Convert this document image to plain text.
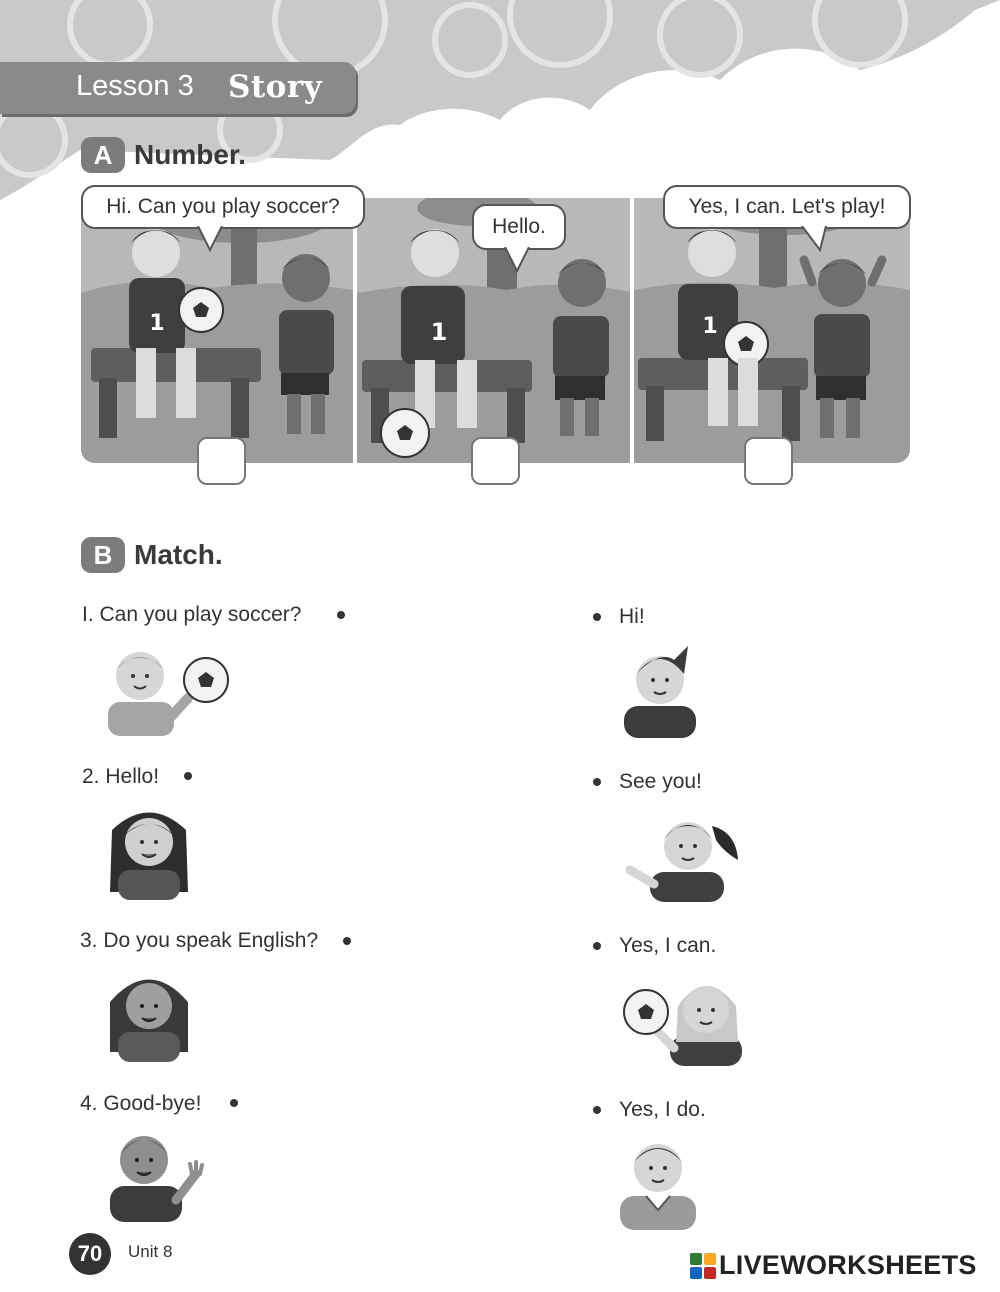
Lesson 3 Story
A Number.
1	1	1
Hi. Can you play soccer?
Hello.
Yes, I can. Let's play!
B Match.
I. Can you play soccer?
2. Hello!
3. Do you speak English?
4. Good-bye!
Hi!
See you!
Yes, I can.
Yes, I do.
70	Unit 8	LIVEWORKSHEETS
